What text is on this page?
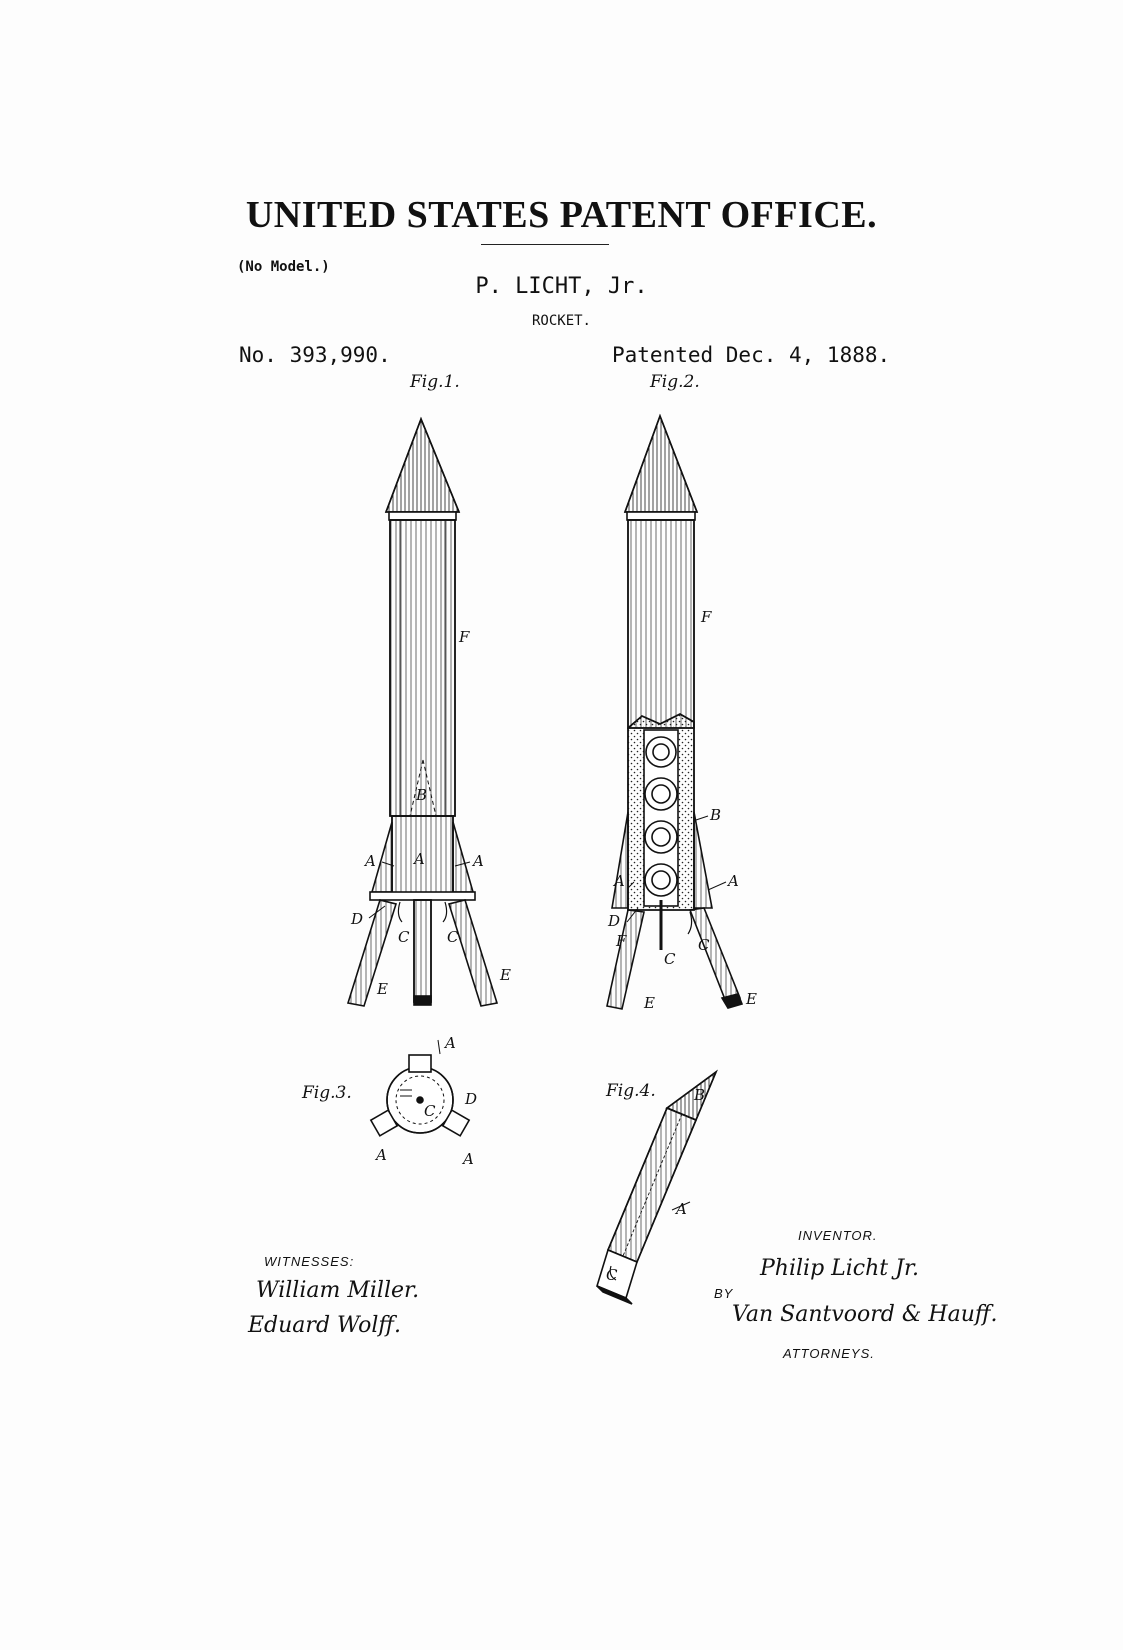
UNITED STATES PATENT OFFICE.
(No Model.)
P. LICHT, Jr.
ROCKET.
No. 393,990.	Patented Dec. 4, 1888.
Fig.1.	Fig.2.
Fig.3.	Fig.4.
F
B
A	A	A
D
C	C
E
E
F
B
A	A
D
F
C
C
E	E
A
D
A	A
C
B
A
C
WITNESSES:
William Miller.
Eduard Wolff.
INVENTOR.
Philip Licht Jr.
BY
Van Santvoord & Hauff.
ATTORNEYS.
